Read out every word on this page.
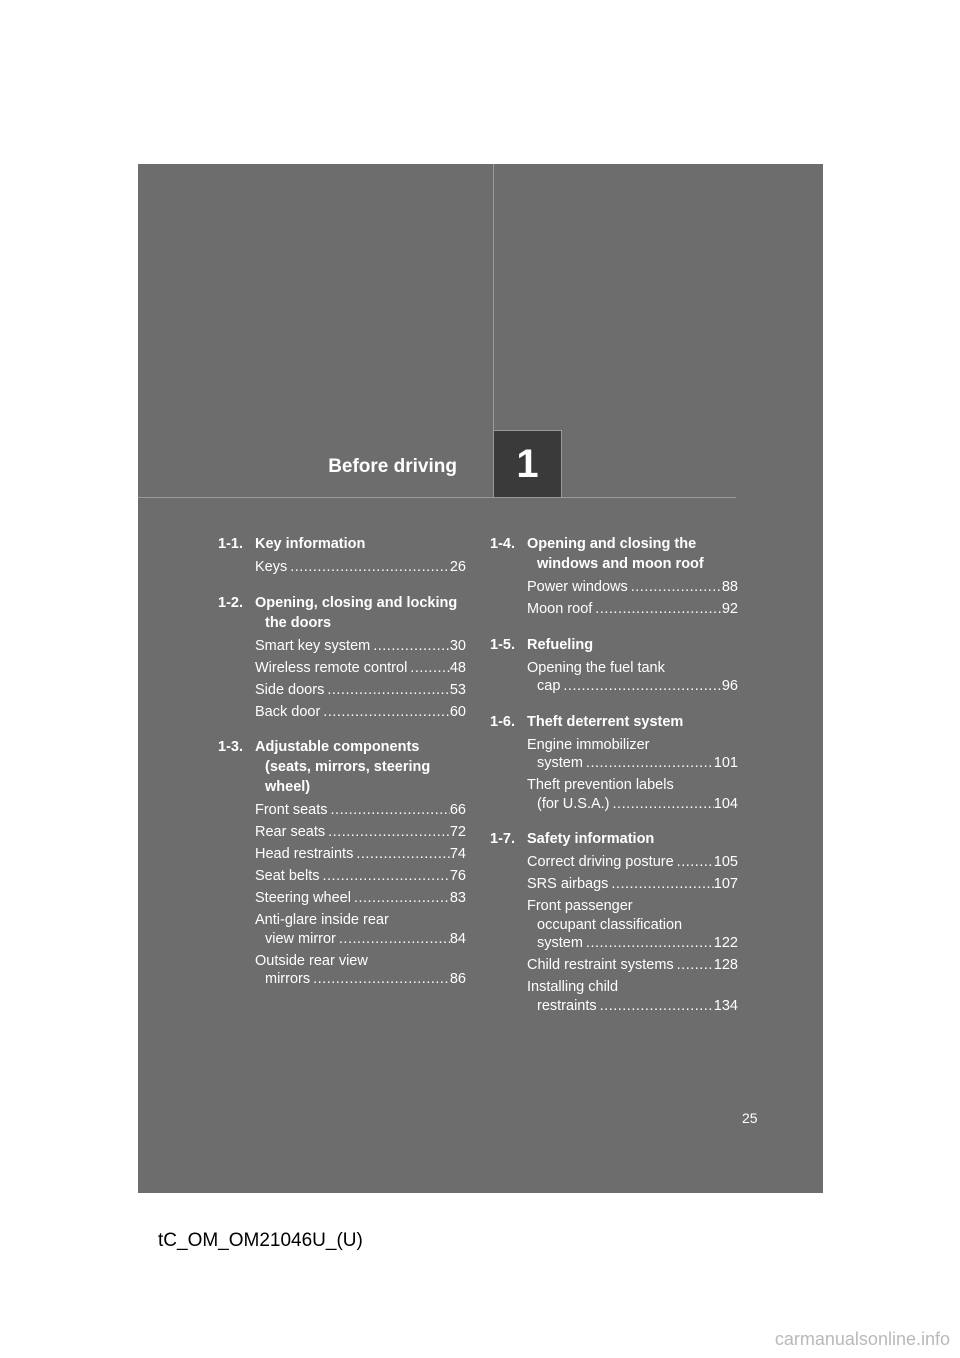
Before driving 1
1-1. Key information
Keys .....	26
1-2. Opening, closing and locking the doors
Smart key system .....	30
Wireless remote control .....	48
Side doors .....	53
Back door .....	60
1-3. Adjustable components (seats, mirrors, steering wheel)
Front seats .....	66
Rear seats .....	72
Head restraints .....	74
Seat belts .....	76
Steering wheel .....	83
Anti-glare inside rear
view mirror .....	84
Outside rear view
mirrors .....	86
1-4. Opening and closing the windows and moon roof
Power windows .....	88
Moon roof .....	92
1-5. Refueling
Opening the fuel tank
cap .....	96
1-6. Theft deterrent system
Engine immobilizer
system .....	101
Theft prevention labels
(for U.S.A.) .....	104
1-7. Safety information
Correct driving posture .....	105
SRS airbags .....	107
Front passenger
occupant classification
system .....	122
Child restraint systems .....	128
Installing child
restraints .....	134
25
tC_OM_OM21046U_(U)
carmanualsonline.info
